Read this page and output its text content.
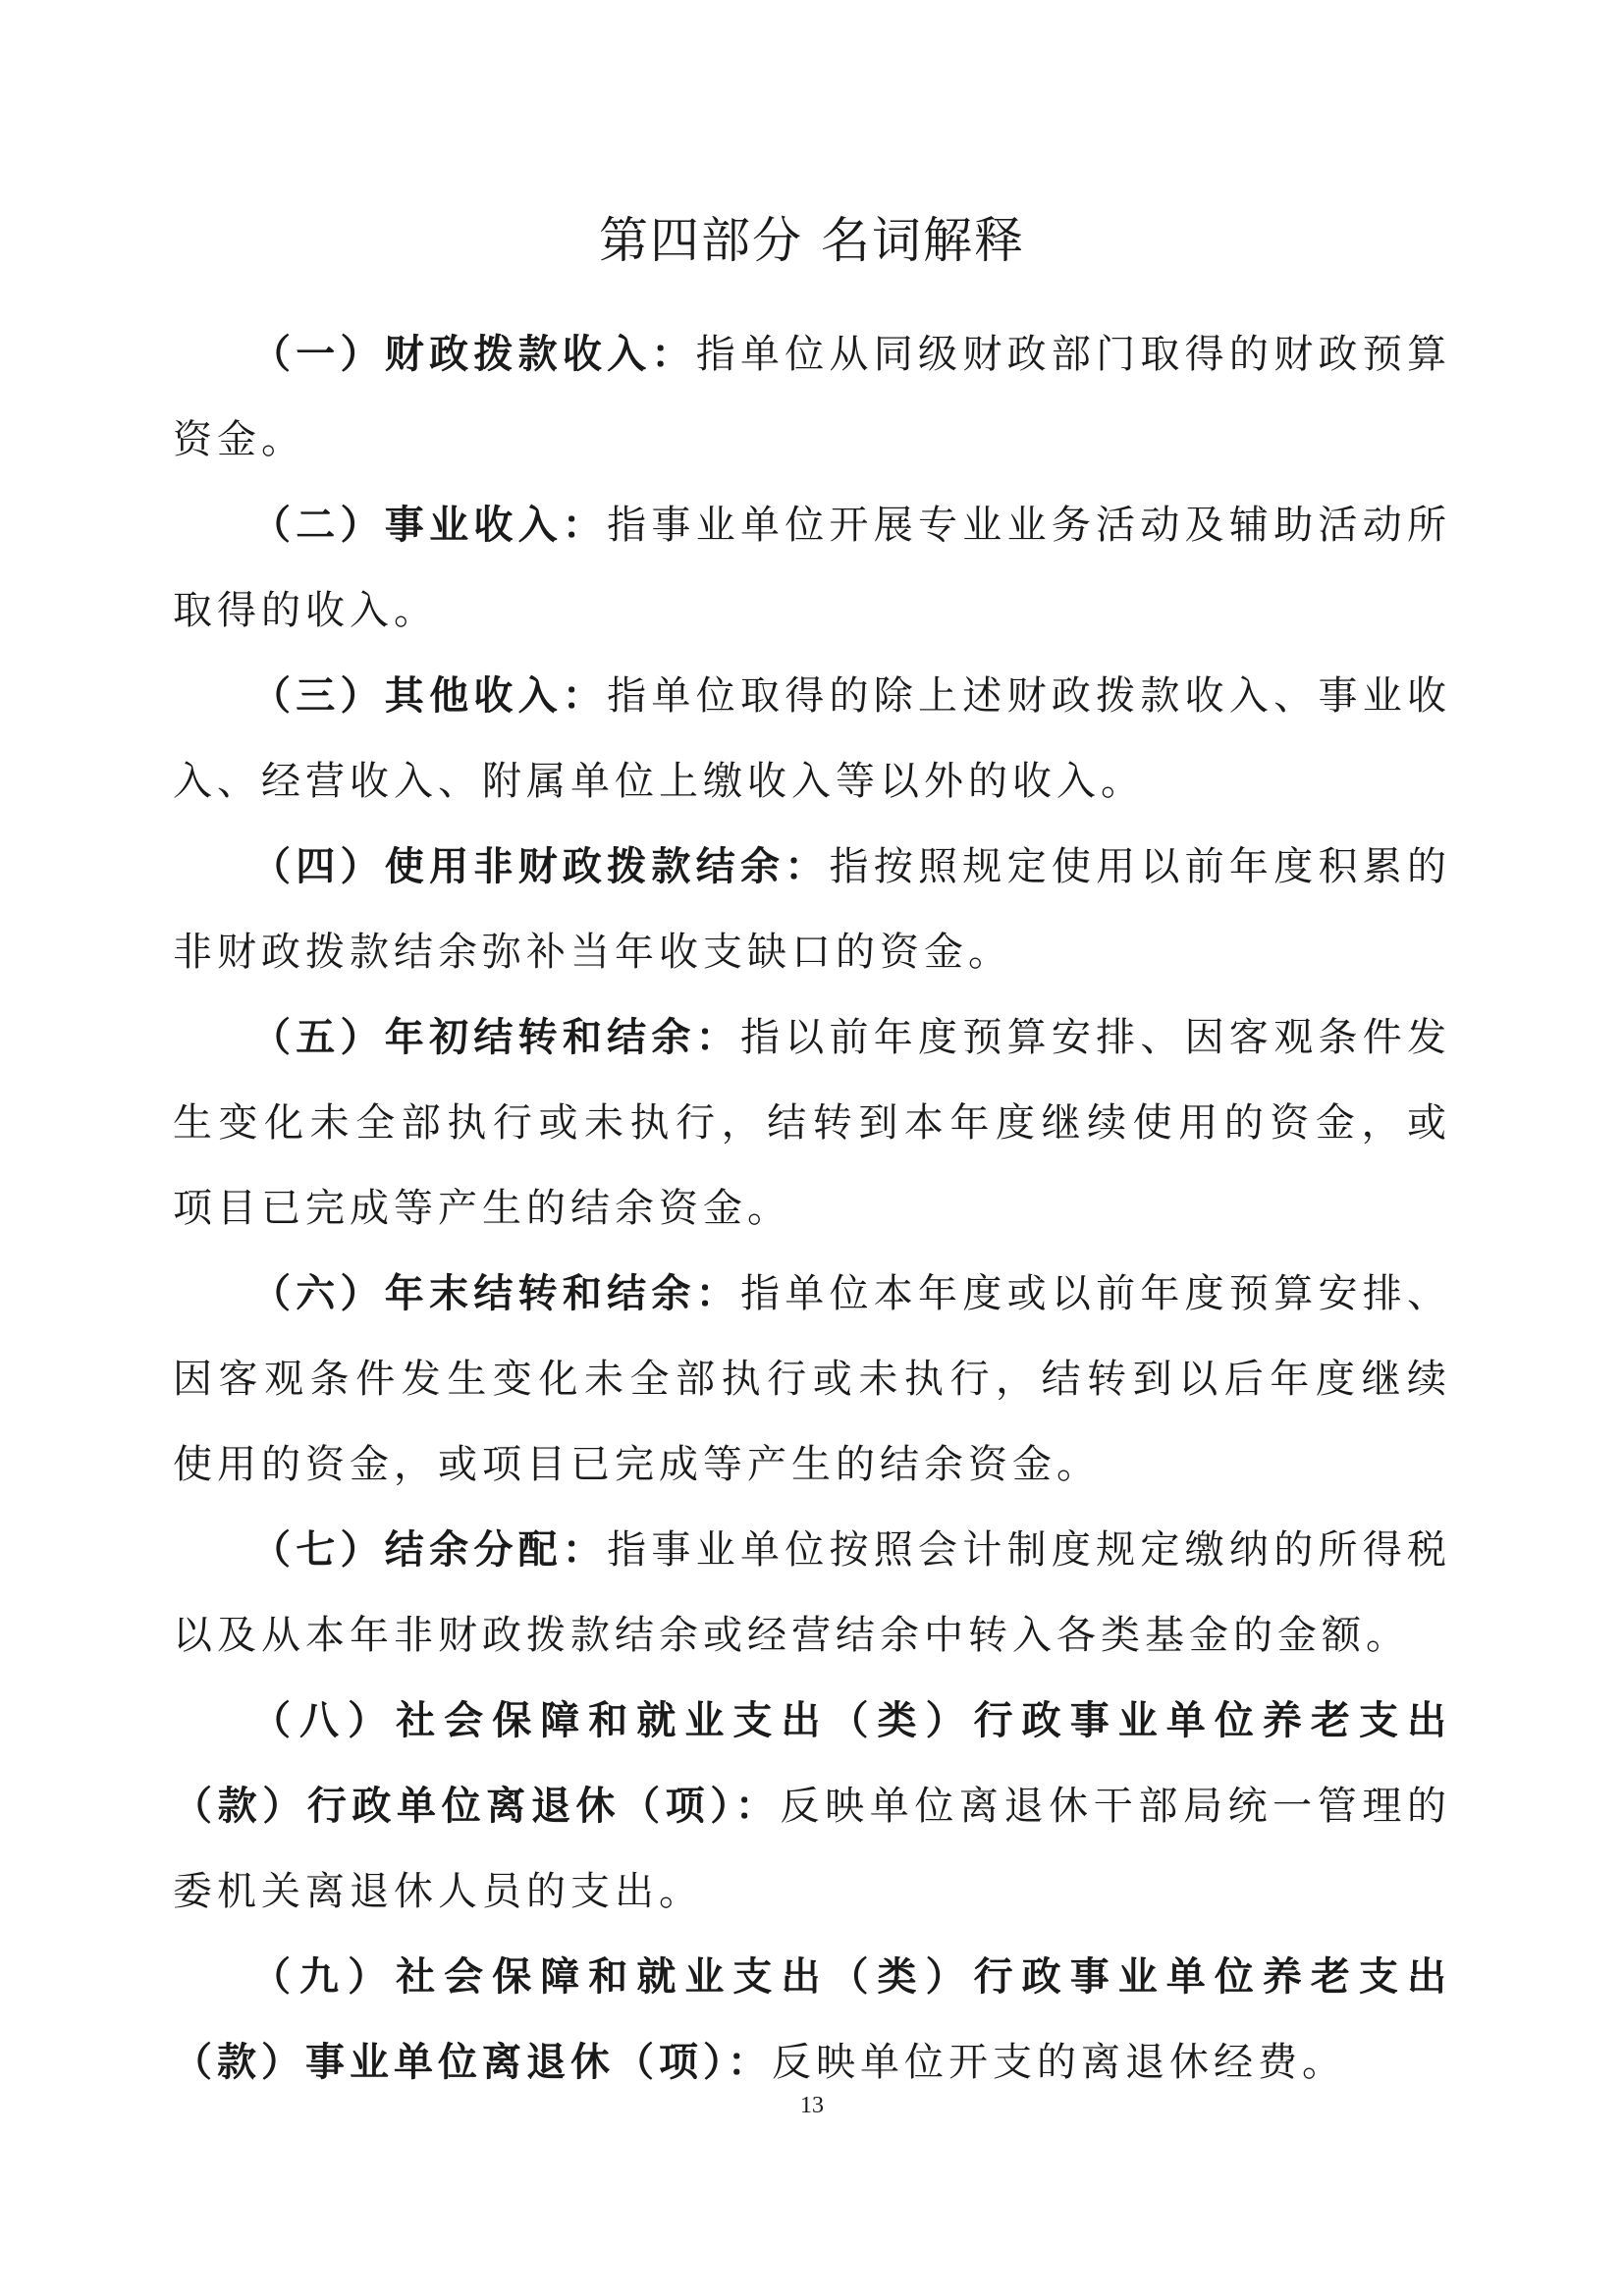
第四部分 名词解释

（一）财政拨款收入：指单位从同级财政部门取得的财政预算资金。

（二）事业收入：指事业单位开展专业业务活动及辅助活动所取得的收入。

（三）其他收入：指单位取得的除上述财政拨款收入、事业收入、经营收入、附属单位上缴收入等以外的收入。

（四）使用非财政拨款结余：指按照规定使用以前年度积累的非财政拨款结余弥补当年收支缺口的资金。

（五）年初结转和结余：指以前年度预算安排、因客观条件发生变化未全部执行或未执行，结转到本年度继续使用的资金，或项目已完成等产生的结余资金。

（六）年末结转和结余：指单位本年度或以前年度预算安排、因客观条件发生变化未全部执行或未执行，结转到以后年度继续使用的资金，或项目已完成等产生的结余资金。

（七）结余分配：指事业单位按照会计制度规定缴纳的所得税以及从本年非财政拨款结余或经营结余中转入各类基金的金额。

（八）社会保障和就业支出（类）行政事业单位养老支出（款）行政单位离退休（项）：反映单位离退休干部局统一管理的委机关离退休人员的支出。

（九）社会保障和就业支出（类）行政事业单位养老支出（款）事业单位离退休（项）：反映单位开支的离退休经费。

13
